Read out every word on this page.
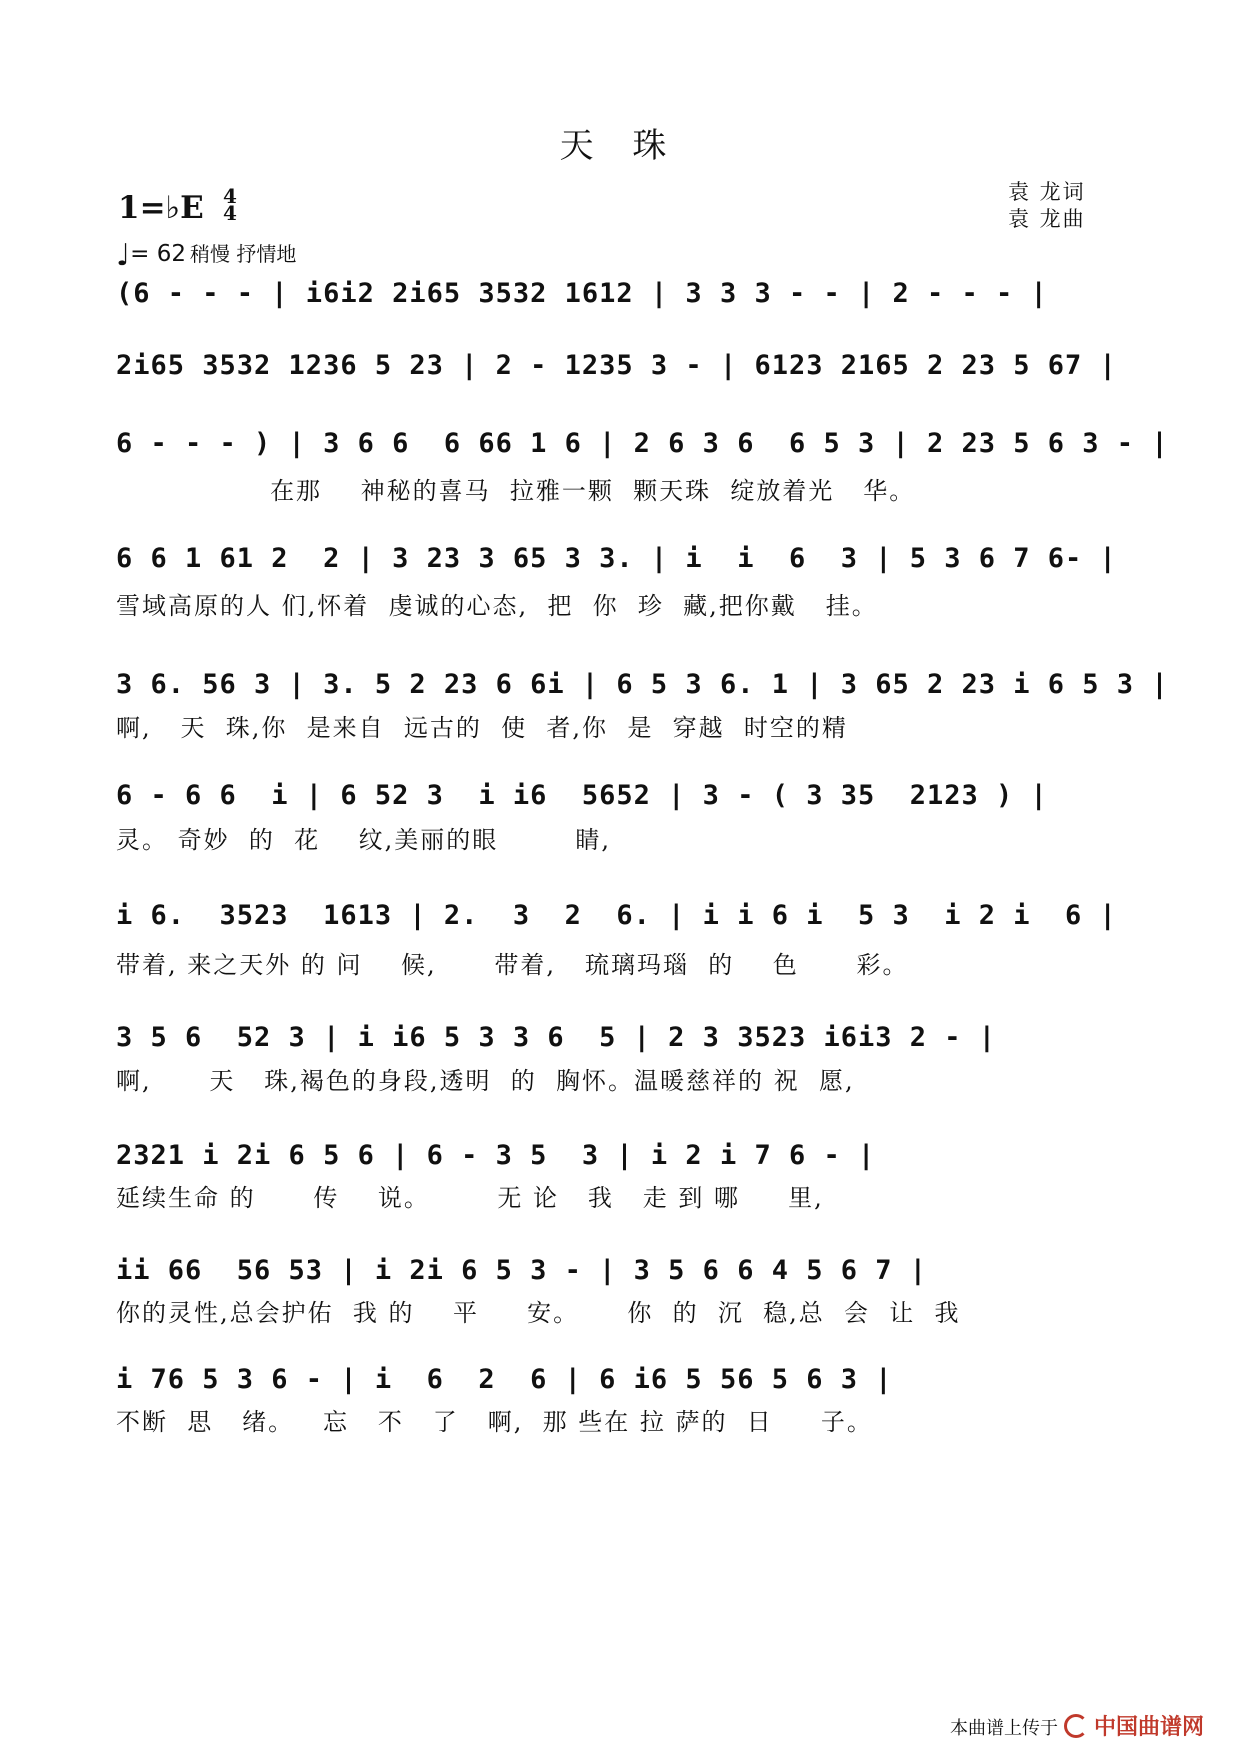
天 珠
1=♭E 4
4
♩= 62 稍慢 抒情地
袁 龙词
袁 龙曲
(6 - - - | i6i2 2i65 3532 1612 | 3 3 3 - - | 2 - - - |
2i65 3532 1236 5 23 | 2 - 1235 3 - | 6123 2165 2 23 5 67 |
6 - - - ) | 3 6 6  6 66 1 6 | 2 6 3 6  6 5 3 | 2 23 5 6 3 - |
在那    神秘的喜马  拉雅一颗  颗天珠  绽放着光   华。
6 6 1 61 2  2 | 3 23 3 65 3 3. | i  i  6  3 | 5 3 6 7 6- |
雪域高原的人 们,怀着  虔诚的心态,  把  你  珍  藏,把你戴   挂。
3 6. 56 3 | 3. 5 2 23 6 6i | 6 5 3 6. 1 | 3 65 2 23 i 6 5 3 |
啊,   天  珠,你  是来自  远古的  使  者,你  是  穿越  时空的精
6 - 6 6  i | 6 52 3  i i6  5652 | 3 - ( 3 35  2123 ) |
灵。 奇妙  的  花    纹,美丽的眼        睛,
i 6.  3523  1613 | 2.  3  2  6. | i i 6 i  5 3  i 2 i  6 |
带着, 来之天外 的 问    候,      带着,   琉璃玛瑙  的    色      彩。
3 5 6  52 3 | i i6 5 3 3 6  5 | 2 3 3523 i6i3 2 - |
啊,      天   珠,褐色的身段,透明  的  胸怀。温暖慈祥的 祝  愿,
2321 i 2i 6 5 6 | 6 - 3 5  3 | i 2 i 7 6 - |
延续生命 的      传    说。       无 论   我   走 到 哪     里,
ii 66  56 53 | i 2i 6 5 3 - | 3 5 6 6 4 5 6 7 |
你的灵性,总会护佑  我 的    平     安。     你  的  沉  稳,总  会  让  我
i 76 5 3 6 - | i  6  2  6 | 6 i6 5 56 5 6 3 |
不断  思   绪。   忘   不   了   啊,  那 些在 拉 萨的  日     子。
本曲谱上传于 中国曲谱网
